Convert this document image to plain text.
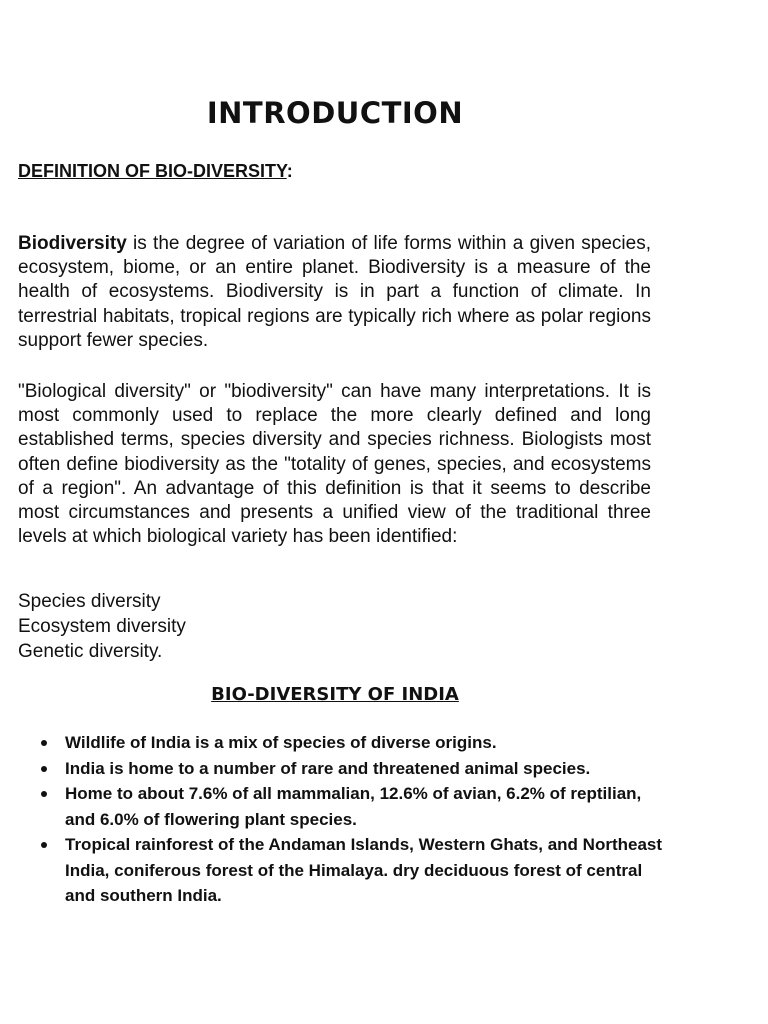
INTRODUCTION
DEFINITION OF BIO-DIVERSITY:

Biodiversity is the degree of variation of life forms within a given species, ecosystem, biome, or an entire planet. Biodiversity is a measure of the health of ecosystems. Biodiversity is in part a function of climate. In terrestrial habitats, tropical regions are typically rich where as polar regions support fewer species.

"Biological diversity" or "biodiversity" can have many interpretations. It is most commonly used to replace the more clearly defined and long established terms, species diversity and species richness. Biologists most often define biodiversity as the "totality of genes, species, and ecosystems of a region". An advantage of this definition is that it seems to describe most circumstances and presents a unified view of the traditional three levels at which biological variety has been identified:

Species diversity
Ecosystem diversity
Genetic diversity.
BIO-DIVERSITY OF INDIA
Wildlife of India is a mix of species of diverse origins.
India is home to a number of rare and threatened animal species.
Home to about 7.6% of all mammalian, 12.6% of avian, 6.2% of reptilian, and 6.0% of flowering plant species.
Tropical rainforest of the Andaman Islands, Western Ghats, and Northeast India, coniferous forest of the Himalaya. dry deciduous forest of central and southern India.
